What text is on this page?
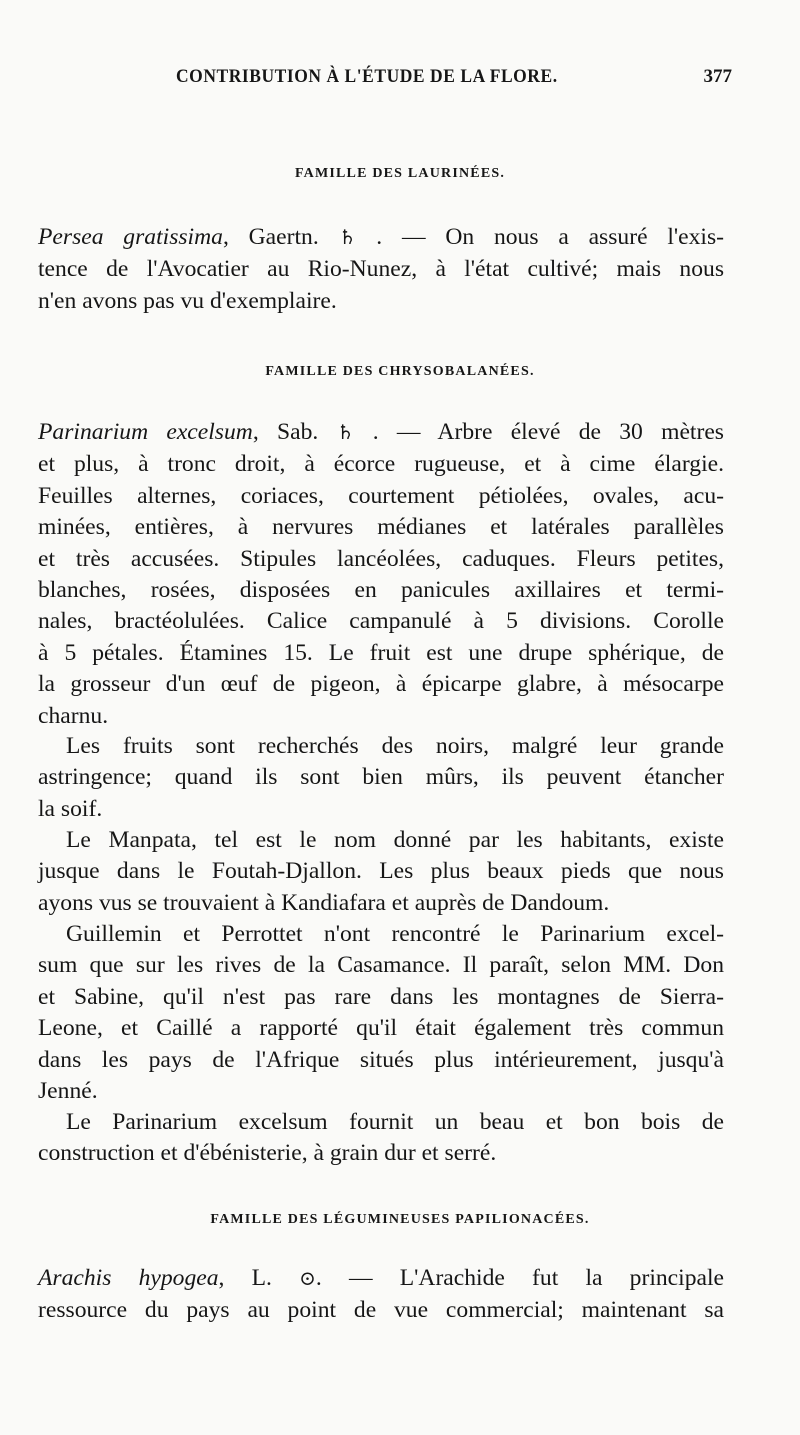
CONTRIBUTION À L'ÉTUDE DE LA FLORE.	377
FAMILLE DES LAURINÉES.

Persea gratissima, Gaertn. ♄ . — On nous a assuré l'exis-
tence de l'Avocatier au Rio-Nunez, à l'état cultivé; mais nous
n'en avons pas vu d'exemplaire.

FAMILLE DES CHRYSOBALANÉES.

Parinarium excelsum, Sab. ♄ . — Arbre élevé de 30 mètres
et plus, à tronc droit, à écorce rugueuse, et à cime élargie.
Feuilles alternes, coriaces, courtement pétiolées, ovales, acu-
minées, entières, à nervures médianes et latérales parallèles
et très accusées. Stipules lancéolées, caduques. Fleurs petites,
blanches, rosées, disposées en panicules axillaires et termi-
nales, bractéolulées. Calice campanulé à 5 divisions. Corolle
à 5 pétales. Étamines 15. Le fruit est une drupe sphérique, de
la grosseur d'un œuf de pigeon, à épicarpe glabre, à mésocarpe
charnu.

Les fruits sont recherchés des noirs, malgré leur grande
astringence; quand ils sont bien mûrs, ils peuvent étancher
la soif.

Le Manpata, tel est le nom donné par les habitants, existe
jusque dans le Foutah-Djallon. Les plus beaux pieds que nous
ayons vus se trouvaient à Kandiafara et auprès de Dandoum.

Guillemin et Perrottet n'ont rencontré le Parinarium excel-
sum que sur les rives de la Casamance. Il paraît, selon MM. Don
et Sabine, qu'il n'est pas rare dans les montagnes de Sierra-
Leone, et Caillé a rapporté qu'il était également très commun
dans les pays de l'Afrique situés plus intérieurement, jusqu'à
Jenné.

Le Parinarium excelsum fournit un beau et bon bois de
construction et d'ébénisterie, à grain dur et serré.

FAMILLE DES LÉGUMINEUSES PAPILIONACÉES.

Arachis hypogea, L. ⊙. — L'Arachide fut la principale
ressource du pays au point de vue commercial; maintenant sa
